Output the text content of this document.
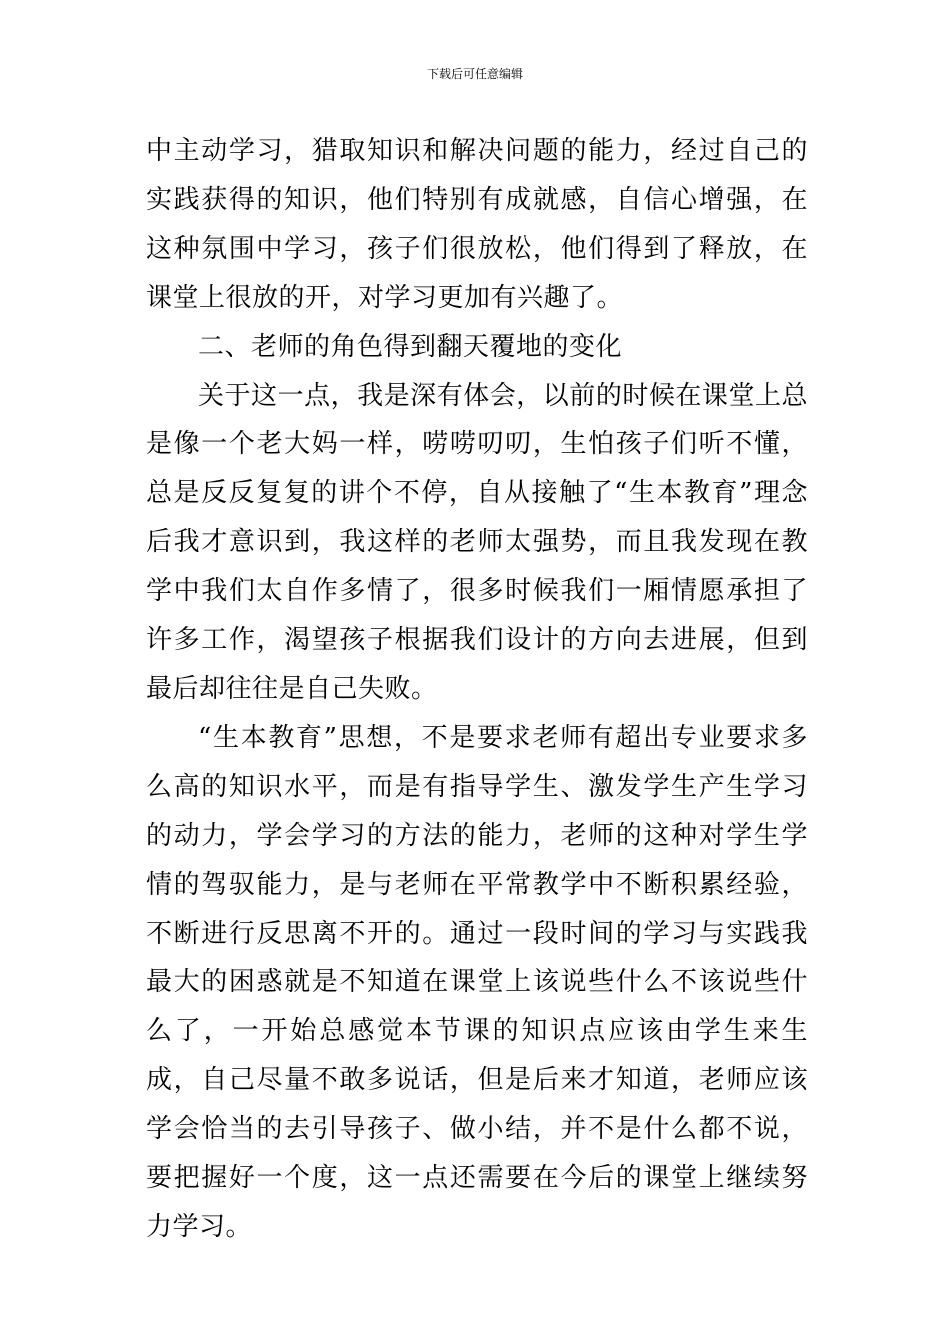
下载后可任意编辑

中主动学习，猎取知识和解决问题的能力，经过自己的实践获得的知识，他们特别有成就感，自信心增强，在这种氛围中学习，孩子们很放松，他们得到了释放，在课堂上很放的开，对学习更加有兴趣了。

二、老师的角色得到翻天覆地的变化

关于这一点，我是深有体会，以前的时候在课堂上总是像一个老大妈一样，唠唠叨叨，生怕孩子们听不懂，总是反反复复的讲个不停，自从接触了“生本教育”理念后我才意识到，我这样的老师太强势，而且我发现在教学中我们太自作多情了，很多时候我们一厢情愿承担了许多工作，渴望孩子根据我们设计的方向去进展，但到最后却往往是自己失败。

“生本教育”思想，不是要求老师有超出专业要求多么高的知识水平，而是有指导学生、激发学生产生学习的动力，学会学习的方法的能力，老师的这种对学生学情的驾驭能力，是与老师在平常教学中不断积累经验，不断进行反思离不开的。通过一段时间的学习与实践我最大的困惑就是不知道在课堂上该说些什么不该说些什么了，一开始总感觉本节课的知识点应该由学生来生成，自己尽量不敢多说话，但是后来才知道，老师应该学会恰当的去引导孩子、做小结，并不是什么都不说，要把握好一个度，这一点还需要在今后的课堂上继续努力学习。
